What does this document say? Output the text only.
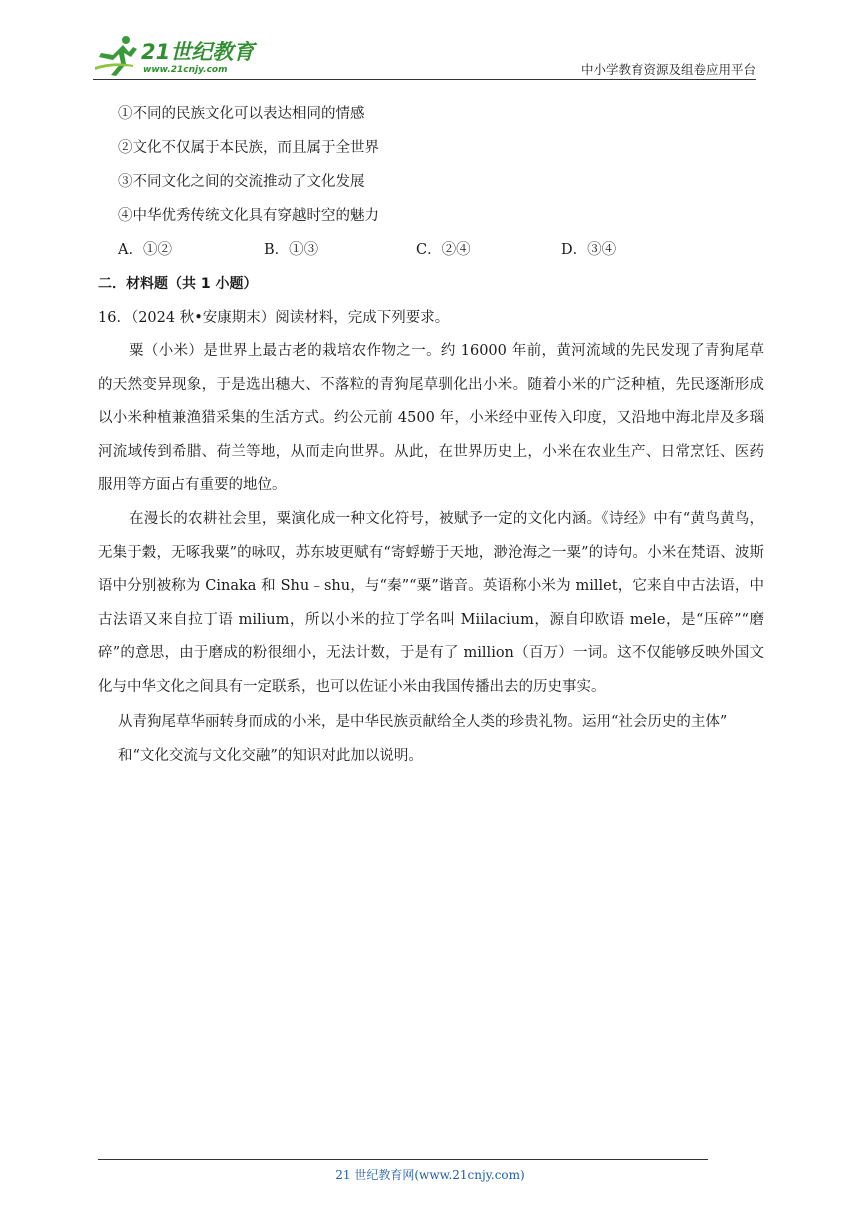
21世纪教育
www.21cnjy.com	中小学教育资源及组卷应用平台
①不同的民族文化可以表达相同的情感
②文化不仅属于本民族，而且属于全世界
③不同文化之间的交流推动了文化发展
④中华优秀传统文化具有穿越时空的魅力
A．①②	B．①③	C．②④	D．③④
二．材料题（共 1 小题）
16．（2024 秋•安康期末）阅读材料，完成下列要求。
粟（小米）是世界上最古老的栽培农作物之一。约 16000 年前，黄河流域的先民发现了青狗尾草的天然变异现象，于是选出穗大、不落粒的青狗尾草驯化出小米。随着小米的广泛种植，先民逐渐形成以小米种植兼渔猎采集的生活方式。约公元前 4500 年，小米经中亚传入印度，又沿地中海北岸及多瑙河流域传到希腊、荷兰等地，从而走向世界。从此，在世界历史上，小米在农业生产、日常烹饪、医药服用等方面占有重要的地位。
在漫长的农耕社会里，粟演化成一种文化符号，被赋予一定的文化内涵。《诗经》中有“黄鸟黄鸟，无集于穀，无啄我粟”的咏叹，苏东坡更赋有“寄蜉蝣于天地，渺沧海之一粟”的诗句。小米在梵语、波斯语中分别被称为 Cinaka 和 Shu﹣shu，与“秦”“粟”谐音。英语称小米为 millet，它来自中古法语，中古法语又来自拉丁语 milium，所以小米的拉丁学名叫 Miilacium，源自印欧语 mele，是“压碎”“磨碎”的意思，由于磨成的粉很细小，无法计数，于是有了 million（百万）一词。这不仅能够反映外国文化与中华文化之间具有一定联系，也可以佐证小米由我国传播出去的历史事实。
从青狗尾草华丽转身而成的小米，是中华民族贡献给全人类的珍贵礼物。运用“社会历史的主体”
和“文化交流与文化交融”的知识对此加以说明。
21 世纪教育网(www.21cnjy.com)
